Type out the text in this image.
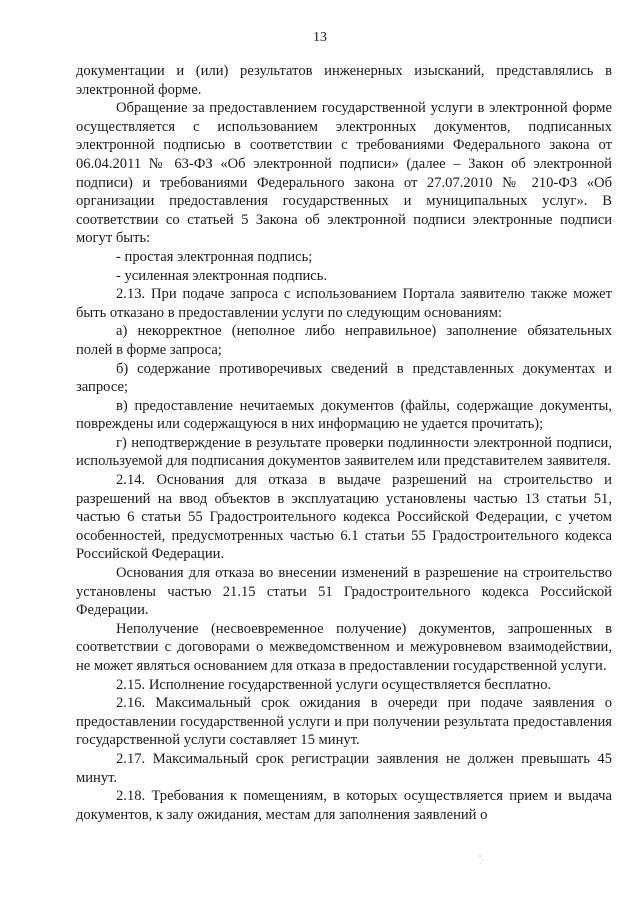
13

документации и (или) результатов инженерных изысканий, представлялись в электронной форме.

Обращение за предоставлением государственной услуги в электронной форме осуществляется с использованием электронных документов, подписанных электронной подписью в соответствии с требованиями Федерального закона от 06.04.2011 № 63-ФЗ «Об электронной подписи» (далее – Закон об электронной подписи) и требованиями Федерального закона от 27.07.2010 № 210-ФЗ «Об организации предоставления государственных и муниципальных услуг». В соответствии со статьей 5 Закона об электронной подписи электронные подписи могут быть:

- простая электронная подпись;

- усиленная электронная подпись.

2.13. При подаче запроса с использованием Портала заявителю также может быть отказано в предоставлении услуги по следующим основаниям:

а) некорректное (неполное либо неправильное) заполнение обязательных полей в форме запроса;

б) содержание противоречивых сведений в представленных документах и запросе;

в) предоставление нечитаемых документов (файлы, содержащие документы, повреждены или содержащуюся в них информацию не удается прочитать);

г) неподтверждение в результате проверки подлинности электронной подписи, используемой для подписания документов заявителем или представителем заявителя.

2.14. Основания для отказа в выдаче разрешений на строительство и разрешений на ввод объектов в эксплуатацию установлены частью 13 статьи 51, частью 6 статьи 55 Градостроительного кодекса Российской Федерации, с учетом особенностей, предусмотренных частью 6.1 статьи 55 Градостроительного кодекса Российской Федерации.

Основания для отказа во внесении изменений в разрешение на строительство установлены частью 21.15 статьи 51 Градостроительного кодекса Российской Федерации.

Неполучение (несвоевременное получение) документов, запрошенных в соответствии с договорами о межведомственном и межуровневом взаимодействии, не может являться основанием для отказа в предоставлении государственной услуги.

2.15. Исполнение государственной услуги осуществляется бесплатно.

2.16. Максимальный срок ожидания в очереди при подаче заявления о предоставлении государственной услуги и при получении результата предоставления государственной услуги составляет 15 минут.

2.17. Максимальный срок регистрации заявления не должен превышать 45 минут.

2.18. Требования к помещениям, в которых осуществляется прием и выдача документов, к залу ожидания, местам для заполнения заявлений о
